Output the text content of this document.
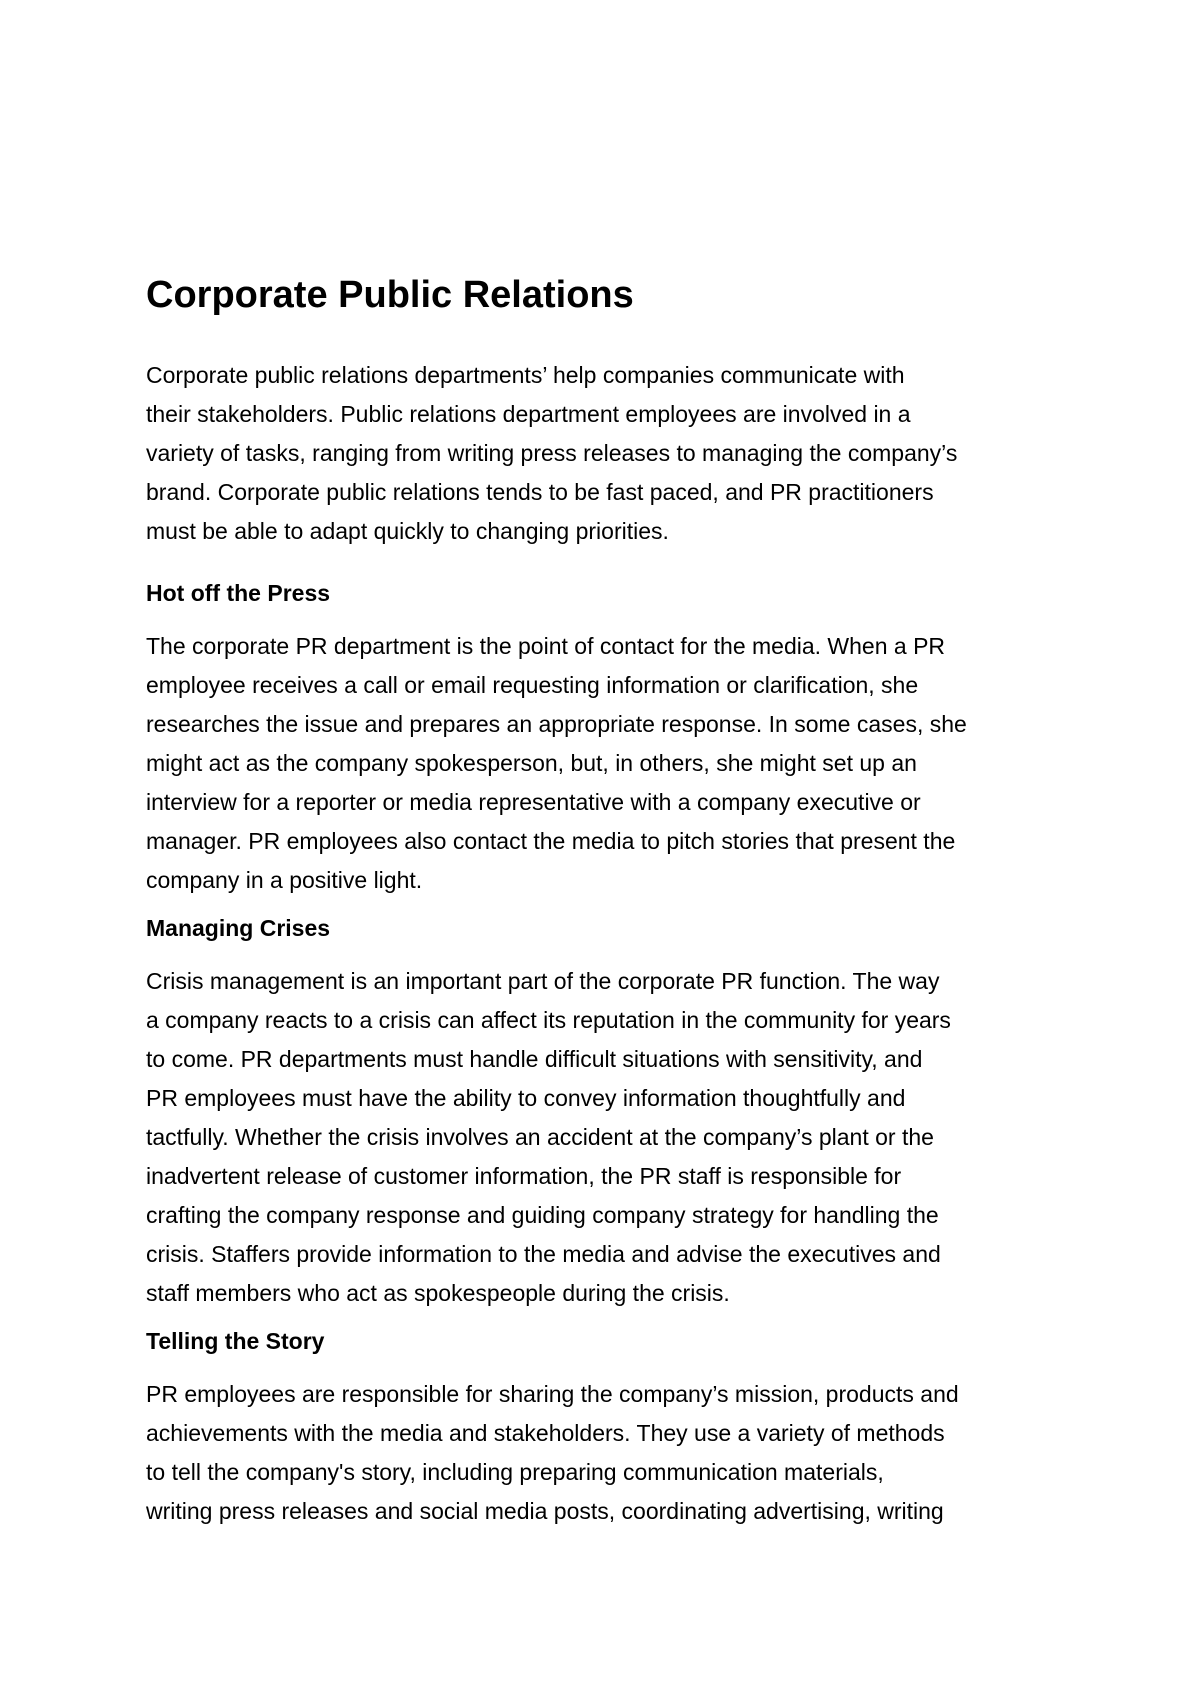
Corporate Public Relations

Corporate public relations departments’ help companies communicate with

their stakeholders. Public relations department employees are involved in a

variety of tasks, ranging from writing press releases to managing the company’s

brand. Corporate public relations tends to be fast paced, and PR practitioners

must be able to adapt quickly to changing priorities.

Hot off the Press

The corporate PR department is the point of contact for the media. When a PR

employee receives a call or email requesting information or clarification, she

researches the issue and prepares an appropriate response. In some cases, she

might act as the company spokesperson, but, in others, she might set up an

interview for a reporter or media representative with a company executive or

manager. PR employees also contact the media to pitch stories that present the

company in a positive light.

Managing Crises

Crisis management is an important part of the corporate PR function. The way

a company reacts to a crisis can affect its reputation in the community for years

to come. PR departments must handle difficult situations with sensitivity, and

PR employees must have the ability to convey information thoughtfully and

tactfully. Whether the crisis involves an accident at the company’s plant or the

inadvertent release of customer information, the PR staff is responsible for

crafting the company response and guiding company strategy for handling the

crisis. Staffers provide information to the media and advise the executives and

staff members who act as spokespeople during the crisis.

Telling the Story

PR employees are responsible for sharing the company’s mission, products and

achievements with the media and stakeholders. They use a variety of methods

to tell the company's story, including preparing communication materials,

writing press releases and social media posts, coordinating advertising, writing
